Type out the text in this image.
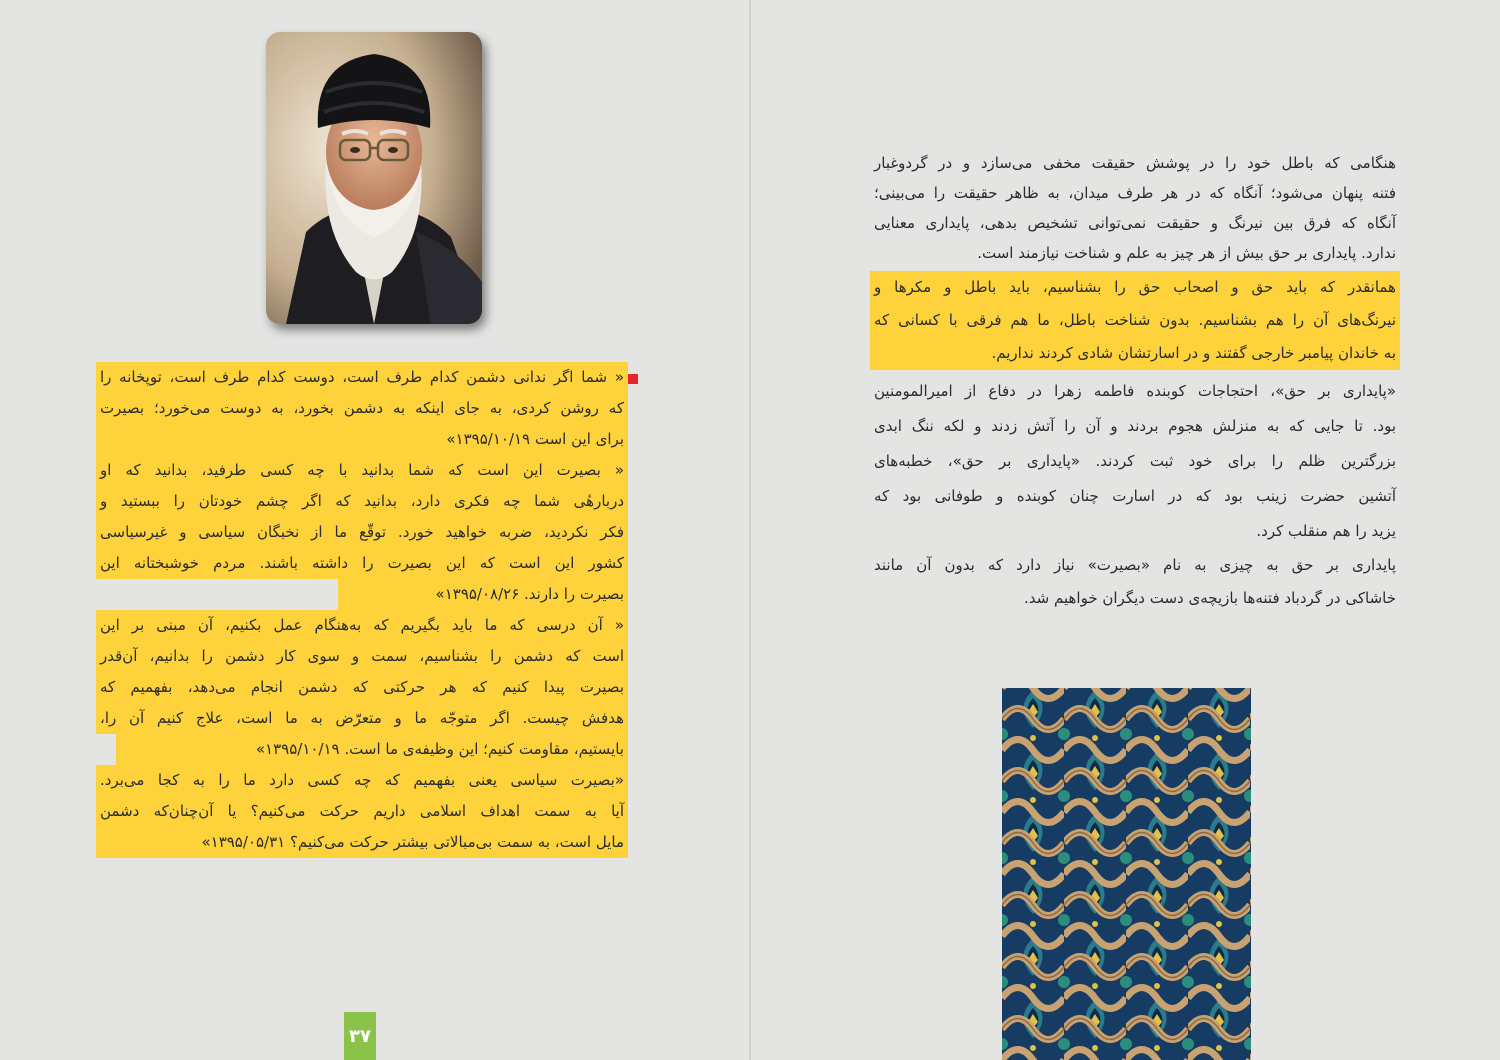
« شما اگر ندانی دشمن کدام طرف است، دوست کدام طرف است، توپخانه را
که روشن کردی، به جای اینکه به دشمن بخورد، به دوست می‌خورد؛ بصیرت
برای این است ۱۳۹۵/۱۰/۱۹»
« بصیرت این است که شما بدانید با چه کسی طرفید، بدانید که او
دربارهٔی شما چه فکری دارد، بدانید که اگر چشم خودتان را ببستید و
فکر نکردید، ضربه خواهید خورد. توقّع ما از نخبگان سیاسی و غیرسیاسی
کشور این است که این بصیرت را داشته باشند. مردم خوشبختانه این
بصیرت را دارند. ۱۳۹۵/۰۸/۲۶»
« آن درسی که ما باید بگیریم که به‌هنگام عمل بکنیم، آن مبنی بر این
است که دشمن را بشناسیم، سمت و سوی کار دشمن را بدانیم، آن‌قدر
بصیرت پیدا کنیم که هر حرکتی که دشمن انجام می‌دهد، بفهمیم که
هدفش چیست. اگر متوجّه ما و متعرّض به ما است، علاج کنیم آن را،
بایستیم، مقاومت کنیم؛ این وظیفه‌ی ما است. ۱۳۹۵/۱۰/۱۹»
«بصیرت سیاسی یعنی بفهمیم که چه کسی دارد ما را به کجا می‌برد.
آیا به سمت اهداف اسلامی داریم حرکت می‌کنیم؟ یا آن‌چنان‌که دشمن
مایل است، به سمت بی‌مبالاتی بیشتر حرکت می‌کنیم؟ ۱۳۹۵/۰۵/۳۱»
۳۷
هنگامی که باطل خود را در پوشش حقیقت مخفی می‌سازد و در گردوغبار
فتنه پنهان می‌شود؛ آنگاه که در هر طرف میدان، به ظاهر حقیقت را می‌بینی؛
آنگاه که فرق بین نیرنگ و حقیقت نمی‌توانی تشخیص بدهی، پایداری معنایی
ندارد. پایداری بر حق بیش از هر چیز به علم و شناخت نیازمند است.
همانقدر که باید حق و اصحاب حق را بشناسیم، باید باطل و مکرها و
نیرنگ‌های آن را هم بشناسیم. بدون شناخت باطل، ما هم فرقی با کسانی که
به خاندان پیامبر خارجی گفتند و در اسارتشان شادی کردند نداریم.
«پایداری بر حق»، احتجاجات کوبنده فاطمه زهرا در دفاع از امیرالمومنین
بود. تا جایی که به منزلش هجوم بردند و آن را آتش زدند و لکه ننگ ابدی
بزرگترین ظلم را برای خود ثبت کردند. «پایداری بر حق»، خطبه‌های
آتشین حضرت زینب بود که در اسارت چنان کوبنده و طوفانی بود که
یزید را هم منقلب کرد.
پایداری بر حق به چیزی به نام «بصیرت» نیاز دارد که بدون آن مانند
خاشاکی در گردباد فتنه‌ها بازیچه‌ی دست دیگران خواهیم شد.
